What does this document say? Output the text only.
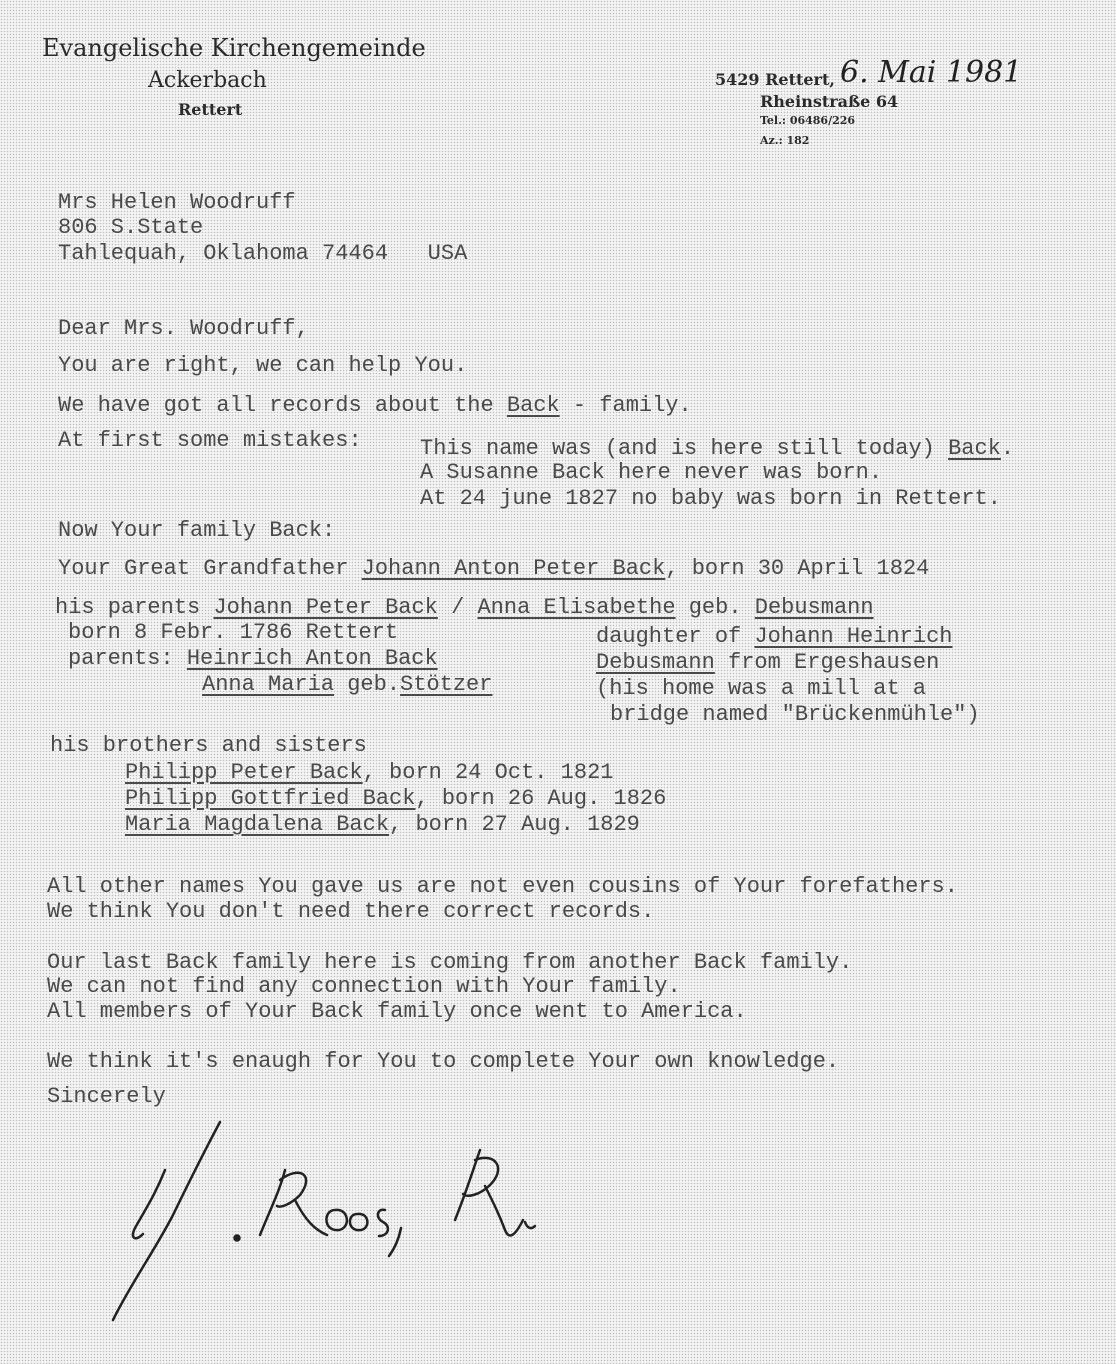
Evangelische Kirchengemeinde
Ackerbach
Rettert
5429 Rettert, 6. Mai 1981
Rheinstraße 64
Tel.: 06486/226
Az.: 182
Mrs Helen Woodruff
806 S.State
Tahlequah, Oklahoma 74464   USA
Dear Mrs. Woodruff,
You are right, we can help You.
We have got all records about the Back - family.
At first some mistakes:	This name was (and is here still today) Back.
A Susanne Back here never was born.
At 24 june 1827 no baby was born in Rettert.
Now Your family Back:
Your Great Grandfather Johann Anton Peter Back, born 30 April 1824
his parents Johann Peter Back / Anna Elisabethe geb. Debusmann
born 8 Febr. 1786 Rettert
parents: Heinrich Anton Back
Anna Maria geb.Stötzer
daughter of Johann Heinrich
Debusmann from Ergeshausen
(his home was a mill at a
bridge named "Brückenmühle")
his brothers and sisters
Philipp Peter Back, born 24 Oct. 1821
Philipp Gottfried Back, born 26 Aug. 1826
Maria Magdalena Back, born 27 Aug. 1829
All other names You gave us are not even cousins of Your forefathers.
We think You don't need there correct records.
Our last Back family here is coming from another Back family.
We can not find any connection with Your family.
All members of Your Back family once went to America.
We think it's enaugh for You to complete Your own knowledge.
Sincerely
